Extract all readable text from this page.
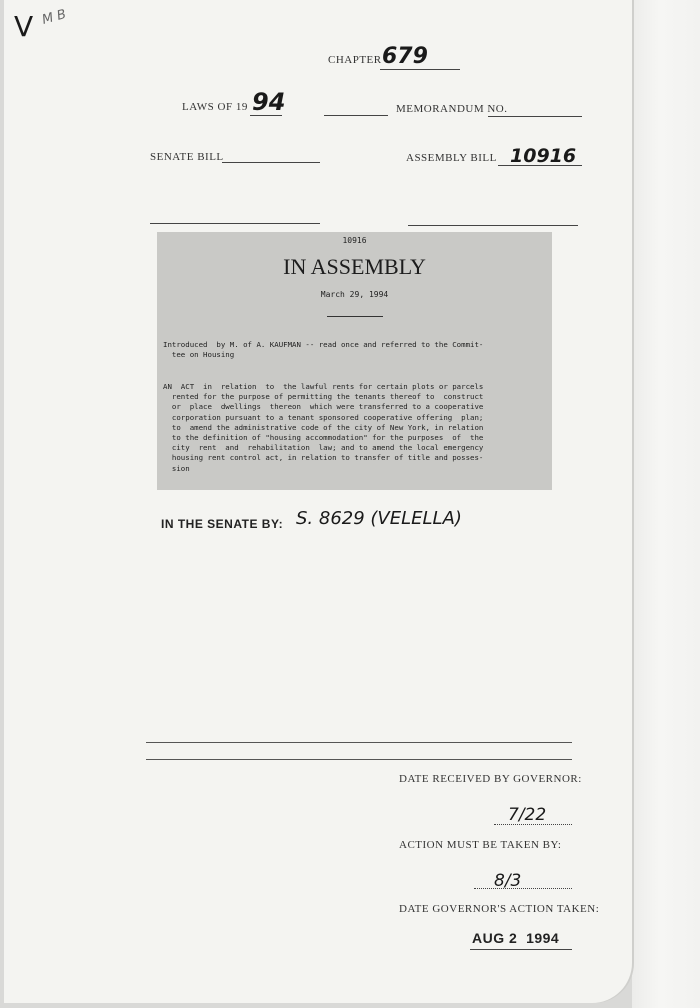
V M B
CHAPTER 679
LAWS OF 19 94	MEMORANDUM NO.
SENATE BILL	ASSEMBLY BILL 10916
10916
IN ASSEMBLY
March 29, 1994
Introduced  by M. of A. KAUFMAN -- read once and referred to the Commit-
tee on Housing
AN  ACT  in  relation  to  the lawful rents for certain plots or parcels
rented for the purpose of permitting the tenants thereof to  construct
or  place  dwellings  thereon  which were transferred to a cooperative
corporation pursuant to a tenant sponsored cooperative offering  plan;
to  amend the administrative code of the city of New York, in relation
to the definition of "housing accommodation" for the purposes  of  the
city  rent  and  rehabilitation  law; and to amend the local emergency
housing rent control act, in relation to transfer of title and posses-
sion
IN THE SENATE BY: S. 8629 (VELELLA)
DATE RECEIVED BY GOVERNOR:
7/22
ACTION MUST BE TAKEN BY:
8/3
DATE GOVERNOR'S ACTION TAKEN:
AUG 2  1994
